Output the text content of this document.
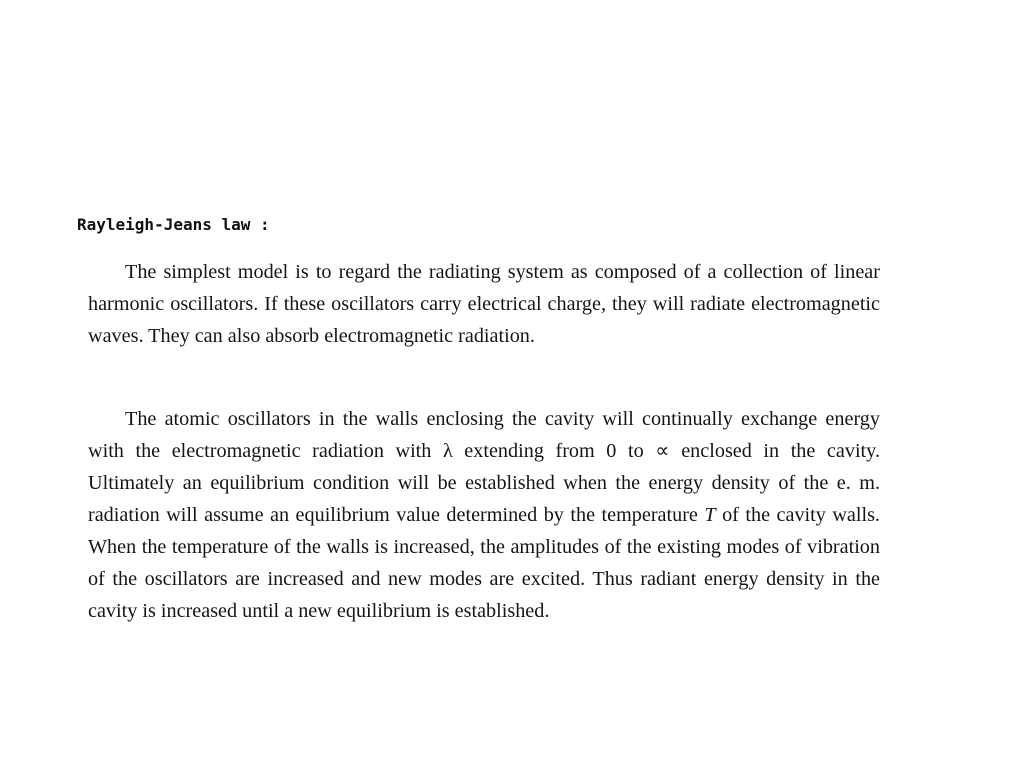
Rayleigh-Jeans law :

The simplest model is to regard the radiating system as composed of a collection of linear harmonic oscillators. If these oscillators carry electrical charge, they will radiate electromagnetic waves. They can also absorb electromagnetic radiation.

The atomic oscillators in the walls enclosing the cavity will continually exchange energy with the electromagnetic radiation with λ extending from 0 to ∝ enclosed in the cavity. Ultimately an equilibrium condition will be established when the energy density of the e. m. radiation will assume an equilibrium value determined by the temperature T of the cavity walls. When the temperature of the walls is increased, the amplitudes of the existing modes of vibration of the oscillators are increased and new modes are excited. Thus radiant energy density in the cavity is increased until a new equilibrium is established.
